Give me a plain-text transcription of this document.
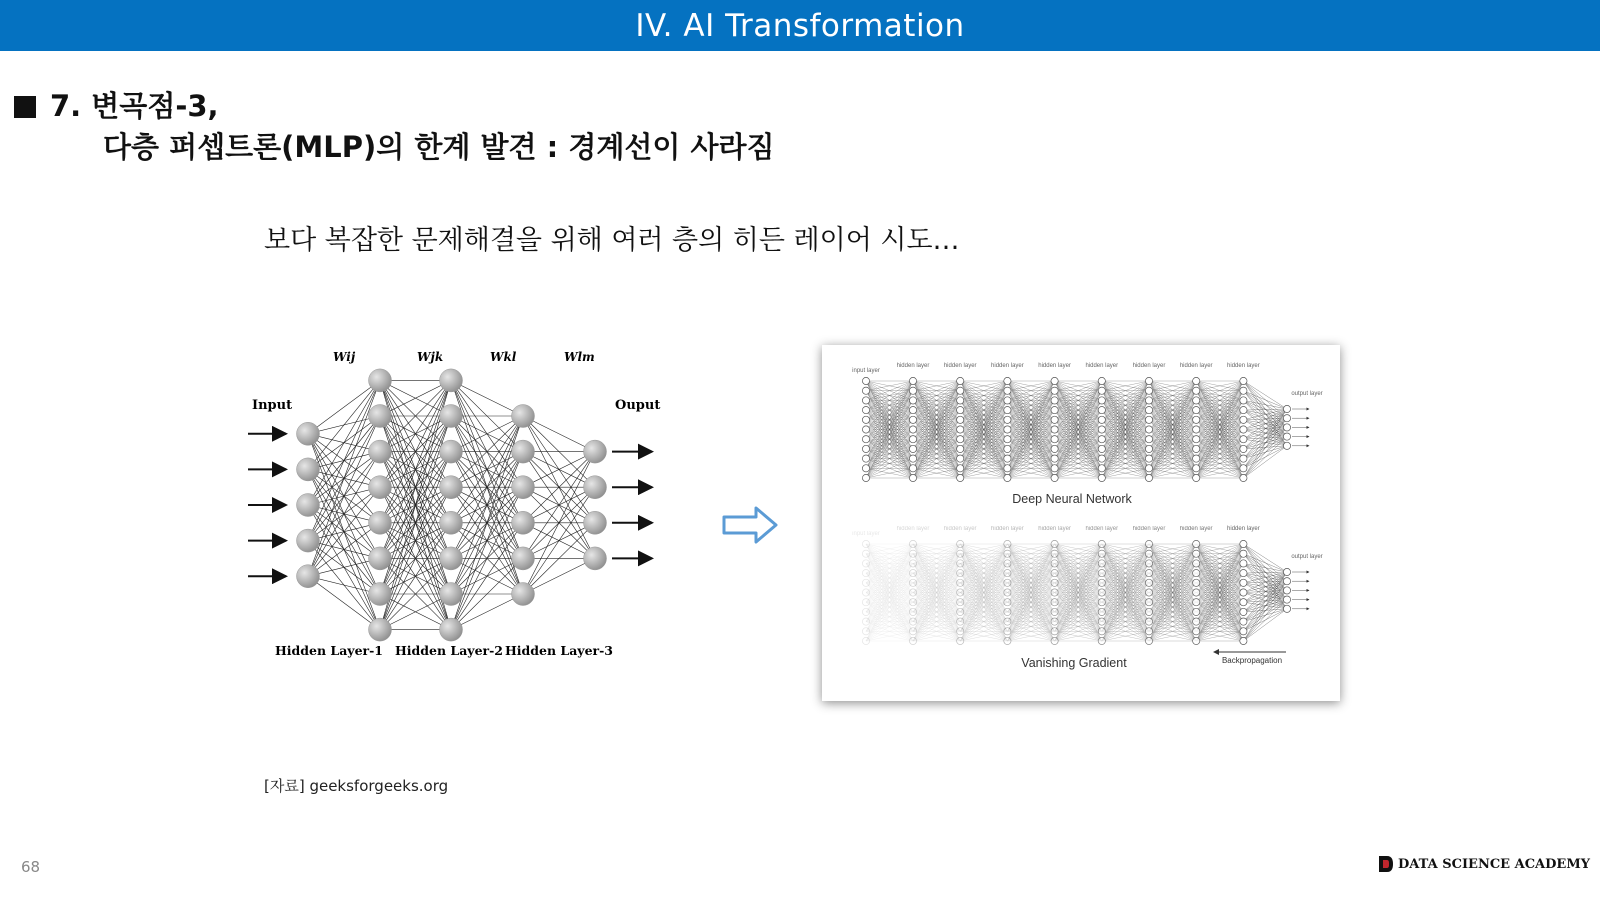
IV. AI Transformation
7. 변곡점-3,
다층 퍼셉트론(MLP)의 한계 발견 : 경계선이 사라짐
보다 복잡한 문제해결을 위해 여러 층의 히든 레이어 시도…
Input	Ouput
Wij	Wjk	Wkl	Wlm
Hidden Layer-1 Hidden Layer-2 Hidden Layer-3
input layer
hidden layer hidden layer hidden layer hidden layer hidden layer hidden layer hidden layer hidden layer
output layer
Deep Neural Network
input layer
hidden layer hidden layer hidden layer hidden layer hidden layer hidden layer hidden layer hidden layer
output layer
Vanishing Gradient	Backpropagation
[자료] geeksforgeeks.org
68	DATA SCIENCE ACADEMY
